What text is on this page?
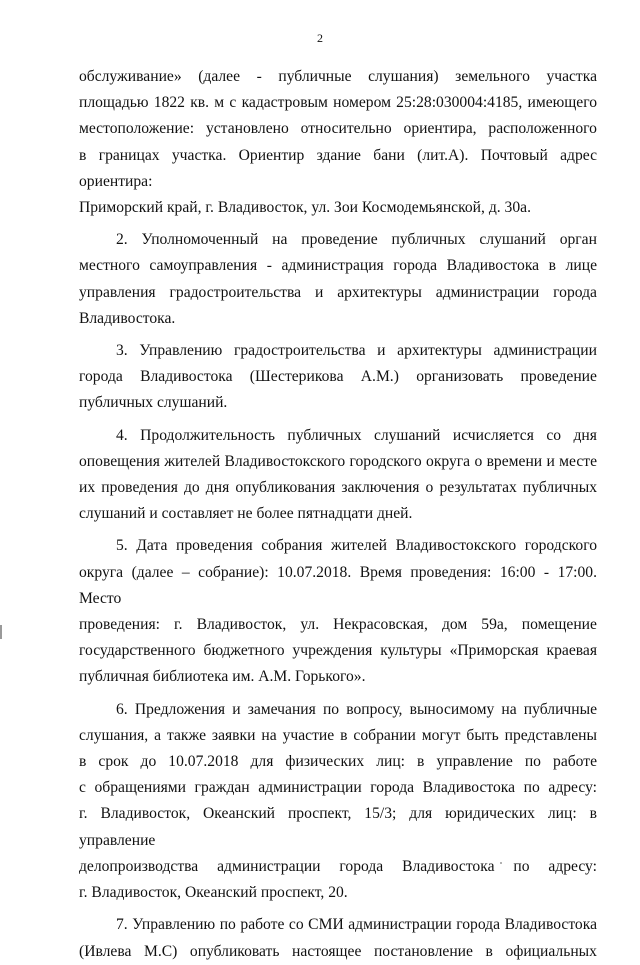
2
обслуживание» (далее - публичные слушания) земельного участка
площадью 1822 кв. м с кадастровым номером 25:28:030004:4185, имеющего
местоположение: установлено относительно ориентира, расположенного
в границах участка. Ориентир здание бани (лит.А). Почтовый адрес ориентира:
Приморский край, г. Владивосток, ул. Зои Космодемьянской, д. 30а.
2. Уполномоченный на проведение публичных слушаний орган
местного самоуправления - администрация города Владивостока в лице
управления градостроительства и архитектуры администрации города
Владивостока.
3. Управлению градостроительства и архитектуры администрации
города Владивостока (Шестерикова А.М.) организовать проведение
публичных слушаний.
4. Продолжительность публичных слушаний исчисляется со дня
оповещения жителей Владивостокского городского округа о времени и месте
их проведения до дня опубликования заключения о результатах публичных
слушаний и составляет не более пятнадцати дней.
5. Дата проведения собрания жителей Владивостокского городского
округа (далее – собрание): 10.07.2018. Время проведения: 16:00 - 17:00. Место
проведения: г. Владивосток, ул. Некрасовская, дом 59а, помещение
государственного бюджетного учреждения культуры «Приморская краевая
публичная библиотека им. А.М. Горького».
6. Предложения и замечания по вопросу, выносимому на публичные
слушания, а также заявки на участие в собрании могут быть представлены
в срок до 10.07.2018 для физических лиц: в управление по работе
с обращениями граждан администрации города Владивостока по адресу:
г. Владивосток, Океанский проспект, 15/3; для юридических лиц: в управление
делопроизводства администрации города Владивостока по адресу:
г. Владивосток, Океанский проспект, 20.
7. Управлению по работе со СМИ администрации города Владивостока
(Ивлева М.С) опубликовать настоящее постановление в официальных
